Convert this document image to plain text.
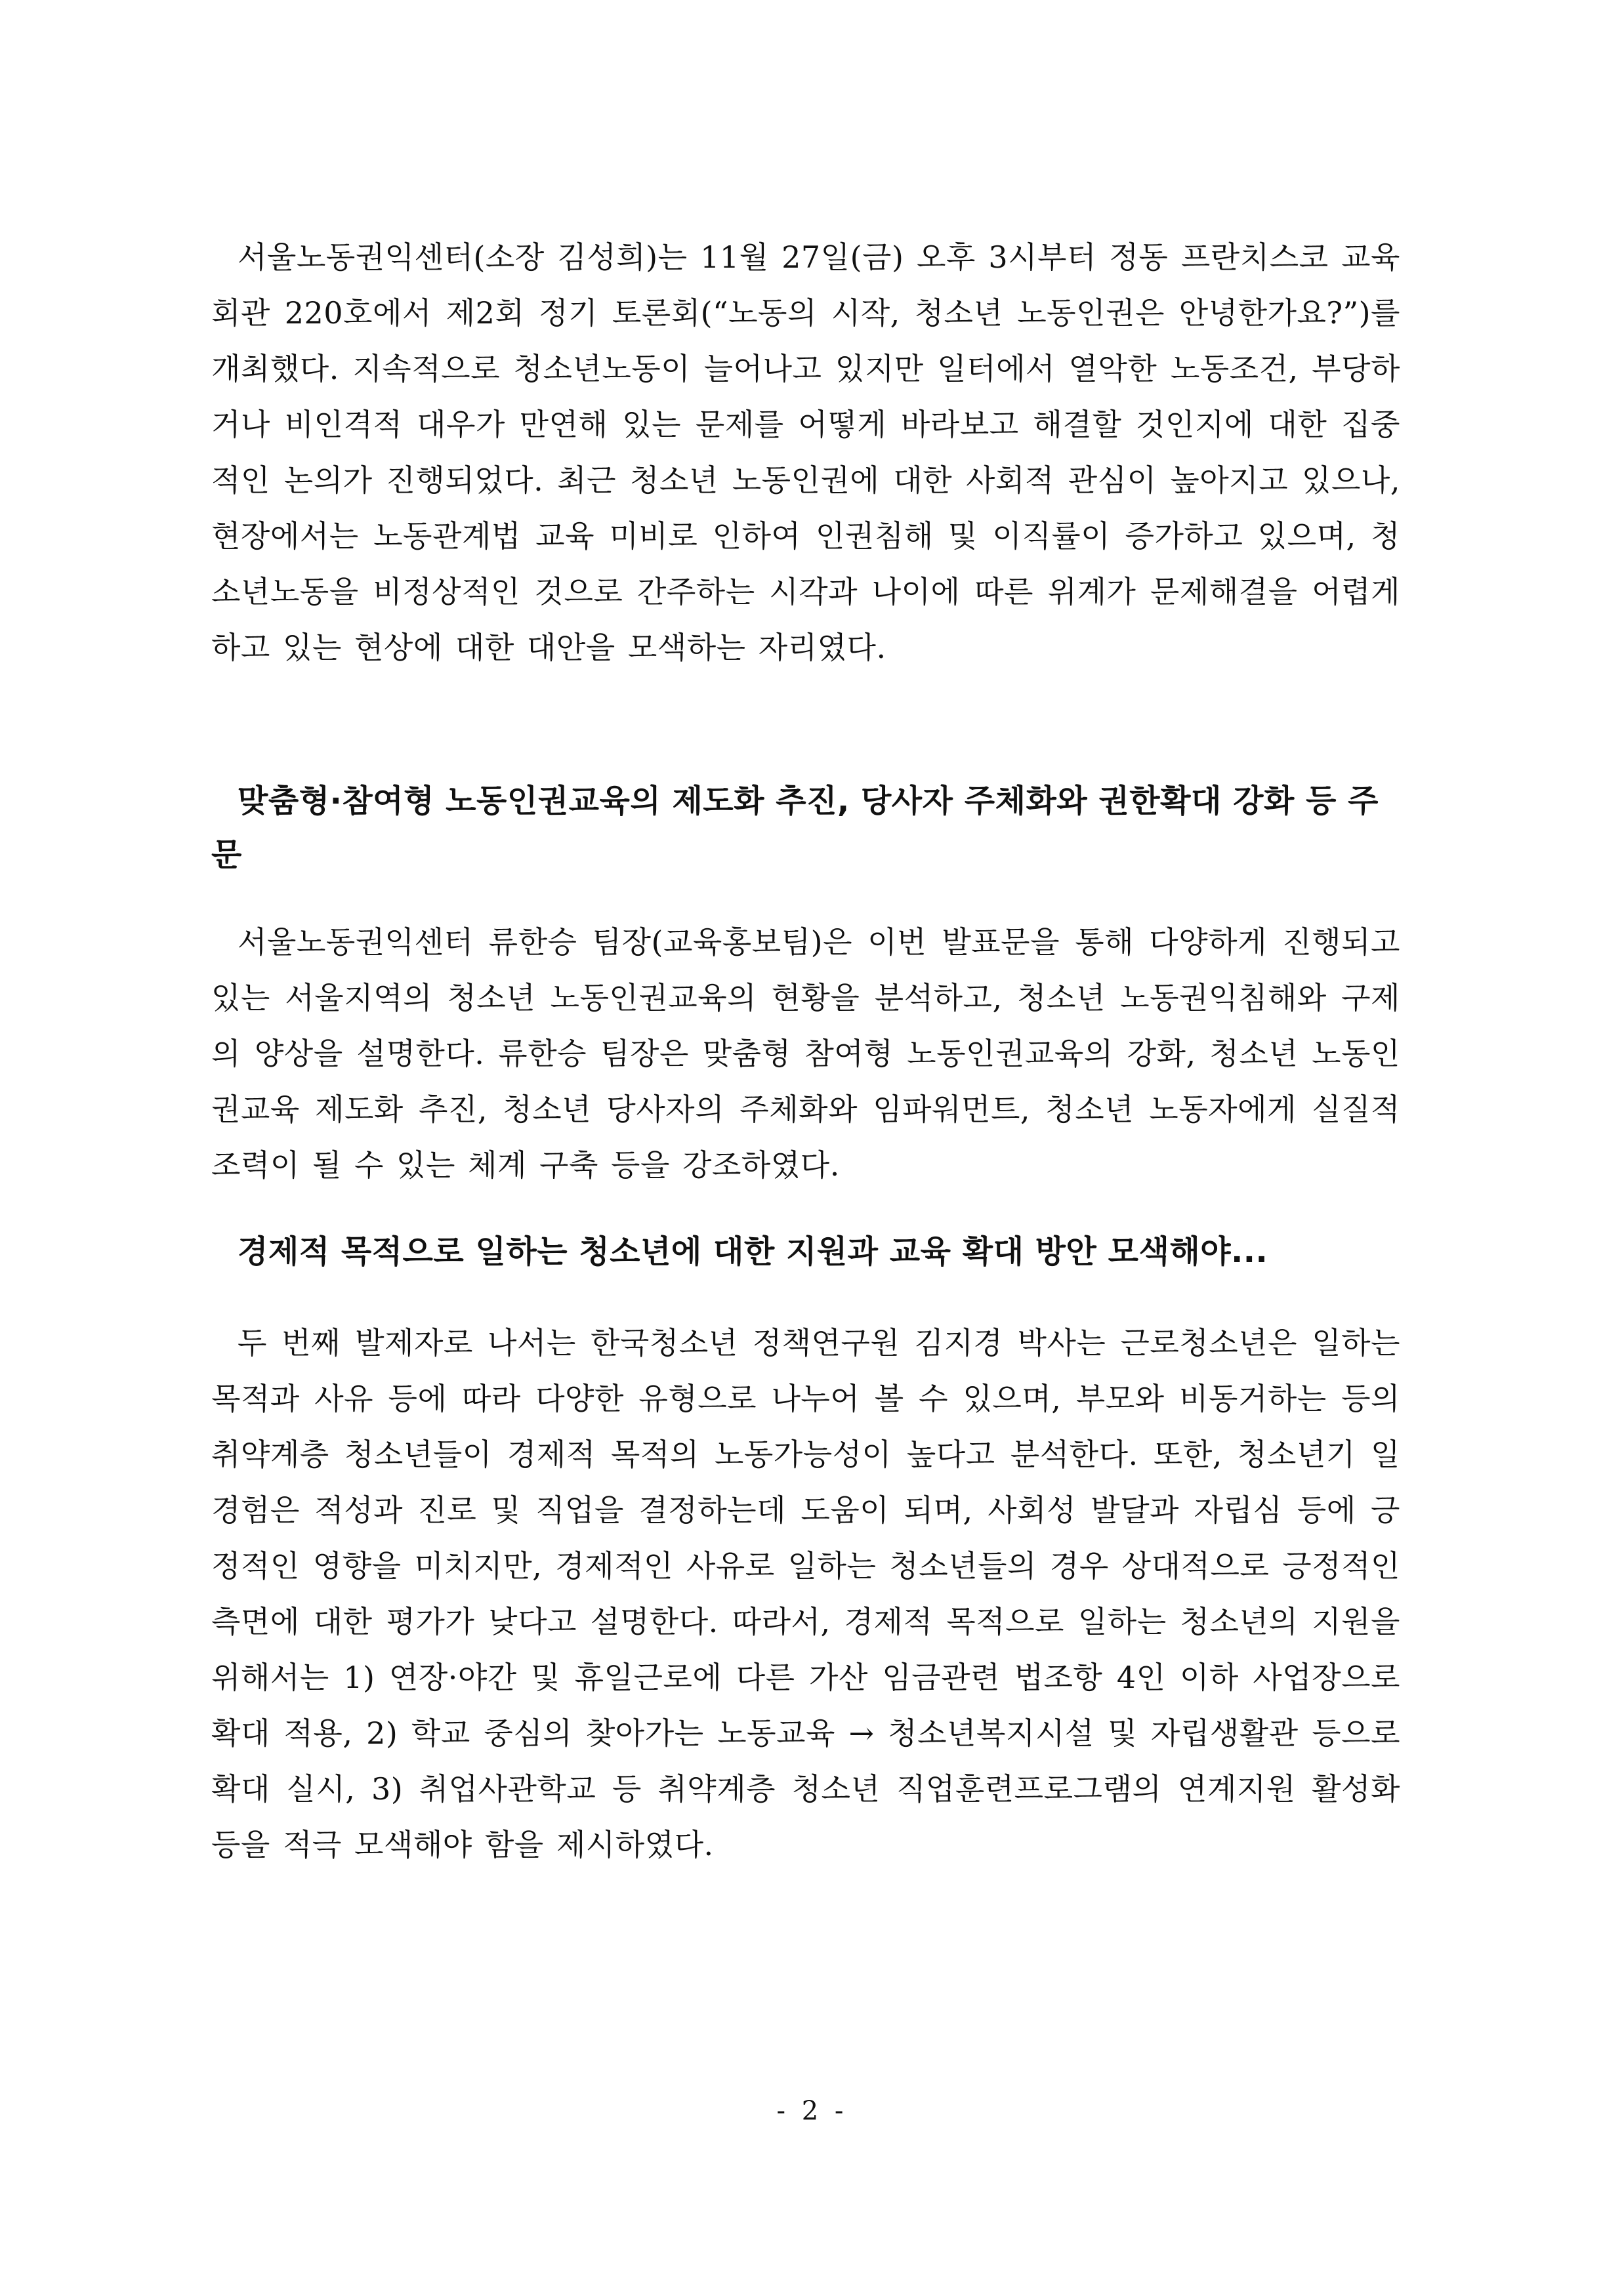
서울노동권익센터(소장 김성희)는 11월 27일(금) 오후 3시부터 정동 프란치스코 교육회관 220호에서 제2회 정기 토론회(“노동의 시작, 청소년 노동인권은 안녕한가요?”)를 개최했다. 지속적으로 청소년노동이 늘어나고 있지만 일터에서 열악한 노동조건, 부당하거나 비인격적 대우가 만연해 있는 문제를 어떻게 바라보고 해결할 것인지에 대한 집중적인 논의가 진행되었다. 최근 청소년 노동인권에 대한 사회적 관심이 높아지고 있으나, 현장에서는 노동관계법 교육 미비로 인하여 인권침해 및 이직률이 증가하고 있으며, 청소년노동을 비정상적인 것으로 간주하는 시각과 나이에 따른 위계가 문제해결을 어렵게 하고 있는 현상에 대한 대안을 모색하는 자리였다.

맞춤형·참여형 노동인권교육의 제도화 추진, 당사자 주체화와 권한확대 강화 등 주문

서울노동권익센터 류한승 팀장(교육홍보팀)은 이번 발표문을 통해 다양하게 진행되고 있는 서울지역의 청소년 노동인권교육의 현황을 분석하고, 청소년 노동권익침해와 구제의 양상을 설명한다. 류한승 팀장은 맞춤형 참여형 노동인권교육의 강화, 청소년 노동인권교육 제도화 추진, 청소년 당사자의 주체화와 임파워먼트, 청소년 노동자에게 실질적 조력이 될 수 있는 체계 구축 등을 강조하였다.

경제적 목적으로 일하는 청소년에 대한 지원과 교육 확대 방안 모색해야...

두 번째 발제자로 나서는 한국청소년 정책연구원 김지경 박사는 근로청소년은 일하는 목적과 사유 등에 따라 다양한 유형으로 나누어 볼 수 있으며, 부모와 비동거하는 등의 취약계층 청소년들이 경제적 목적의 노동가능성이 높다고 분석한다. 또한, 청소년기 일 경험은 적성과 진로 및 직업을 결정하는데 도움이 되며, 사회성 발달과 자립심 등에 긍정적인 영향을 미치지만, 경제적인 사유로 일하는 청소년들의 경우 상대적으로 긍정적인 측면에 대한 평가가 낮다고 설명한다. 따라서, 경제적 목적으로 일하는 청소년의 지원을 위해서는 1) 연장·야간 및 휴일근로에 다른 가산 임금관련 법조항 4인 이하 사업장으로 확대 적용, 2) 학교 중심의 찾아가는 노동교육 → 청소년복지시설 및 자립생활관 등으로 확대 실시, 3) 취업사관학교 등 취약계층 청소년 직업훈련프로그램의 연계지원 활성화 등을 적극 모색해야 함을 제시하였다.

- 2 -
